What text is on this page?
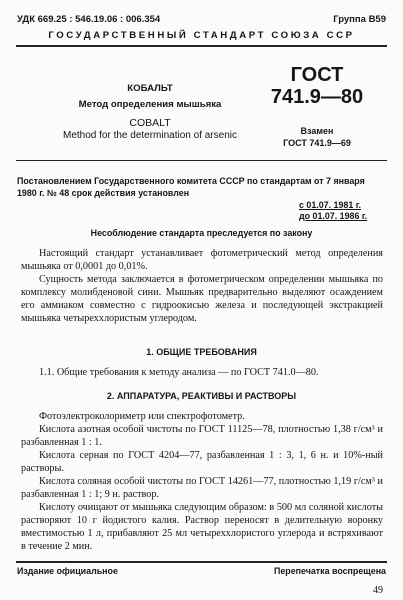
УДК 669.25 : 546.19.06 : 006.354	Группа В59
ГОСУДАРСТВЕННЫЙ СТАНДАРТ СОЮЗА ССР
КОБАЛЬТ
Метод определения мышьяка
COBALT
Method for the determination of arsenic
ГОСТ
741.9—80
Взамен
ГОСТ 741.9—69
Постановлением Государственного комитета СССР по стандартам от 7 января 1980 г. № 48 срок действия установлен
с 01.07. 1981 г.
до 01.07. 1986 г.
Несоблюдение стандарта преследуется по закону

Настоящий стандарт устанавливает фотометрический метод определения мышьяка от 0,0001 до 0,01%.

Сущность метода заключается в фотометрическом определении мышьяка по комплексу молибденовой сини. Мышьяк предварительно выделяют осаждением его аммиаком совместно с гидроокисью железа и последующей экстракцией мышьяка четыреххлористым углеродом.

1. ОБЩИЕ ТРЕБОВАНИЯ

1.1. Общие требования к методу анализа — по ГОСТ 741.0—80.

2. АППАРАТУРА, РЕАКТИВЫ И РАСТВОРЫ

Фотоэлектроколориметр или спектрофотометр.

Кислота азотная особой чистоты по ГОСТ 11125—78, плотностью 1,38 г/см³ и разбавленная 1 : 1.

Кислота серная по ГОСТ 4204—77, разбавленная 1 : 3, 1, 6 н. и 10%-ный растворы.

Кислота соляная особой чистоты по ГОСТ 14261—77, плотностью 1,19 г/см³ и разбавленная 1 : 1; 9 н. раствор.

Кислоту очищают от мышьяка следующим образом: в 500 мл соляной кислоты растворяют 10 г йодистого калия. Раствор переносят в делительную воронку вместимостью 1 л, прибавляют 25 мл четыреххлористого углерода и встряхивают в течение 2 мин.

Издание официальное	Перепечатка воспрещена
49
